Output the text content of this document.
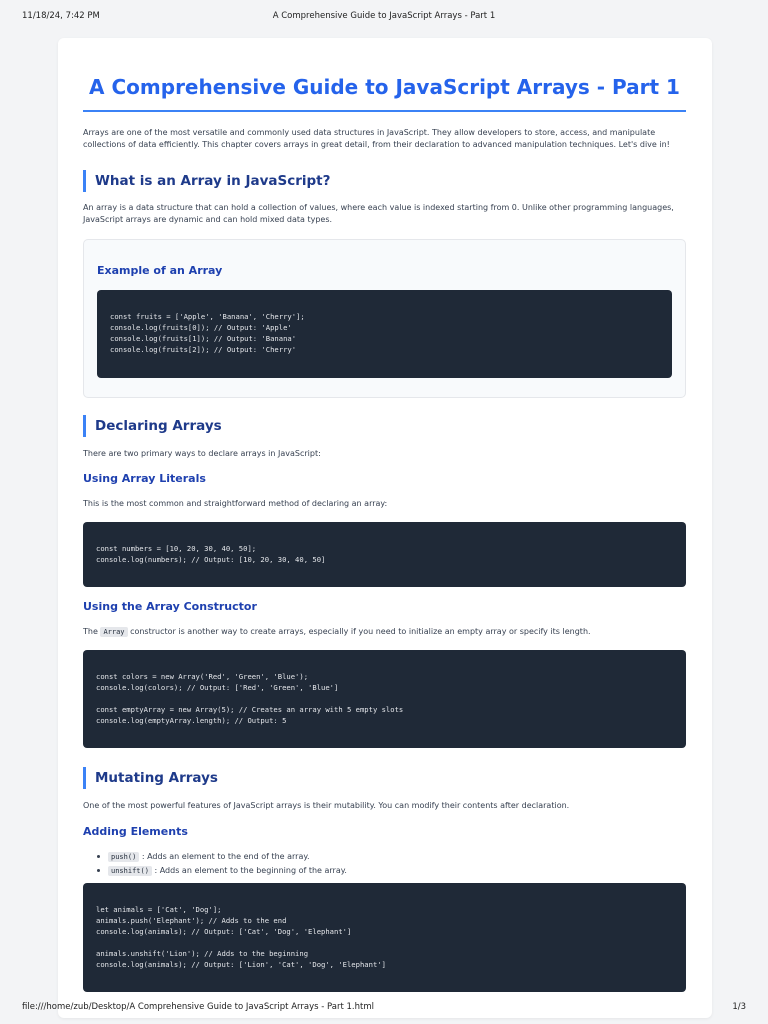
11/18/24, 7:42 PM	A Comprehensive Guide to JavaScript Arrays - Part 1
A Comprehensive Guide to JavaScript Arrays - Part 1

Arrays are one of the most versatile and commonly used data structures in JavaScript. They allow developers to store, access, and manipulate collections of data efficiently. This chapter covers arrays in great detail, from their declaration to advanced manipulation techniques. Let's dive in!

What is an Array in JavaScript?

An array is a data structure that can hold a collection of values, where each value is indexed starting from 0. Unlike other programming languages, JavaScript arrays are dynamic and can hold mixed data types.

Example of an Array
const fruits = ['Apple', 'Banana', 'Cherry'];
console.log(fruits[0]); // Output: 'Apple'
console.log(fruits[1]); // Output: 'Banana'
console.log(fruits[2]); // Output: 'Cherry'
Declaring Arrays

There are two primary ways to declare arrays in JavaScript:

Using Array Literals

This is the most common and straightforward method of declaring an array:

const numbers = [10, 20, 30, 40, 50];
console.log(numbers); // Output: [10, 20, 30, 40, 50]
Using the Array Constructor

The Array constructor is another way to create arrays, especially if you need to initialize an empty array or specify its length.

const colors = new Array('Red', 'Green', 'Blue');
console.log(colors); // Output: ['Red', 'Green', 'Blue']
const emptyArray = new Array(5); // Creates an array with 5 empty slots
console.log(emptyArray.length); // Output: 5
Mutating Arrays

One of the most powerful features of JavaScript arrays is their mutability. You can modify their contents after declaration.

Adding Elements
push() : Adds an element to the end of the array.
unshift() : Adds an element to the beginning of the array.
let animals = ['Cat', 'Dog'];
animals.push('Elephant'); // Adds to the end
console.log(animals); // Output: ['Cat', 'Dog', 'Elephant']
animals.unshift('Lion'); // Adds to the beginning
console.log(animals); // Output: ['Lion', 'Cat', 'Dog', 'Elephant']
file:///home/zub/Desktop/A Comprehensive Guide to JavaScript Arrays - Part 1.html	1/3
